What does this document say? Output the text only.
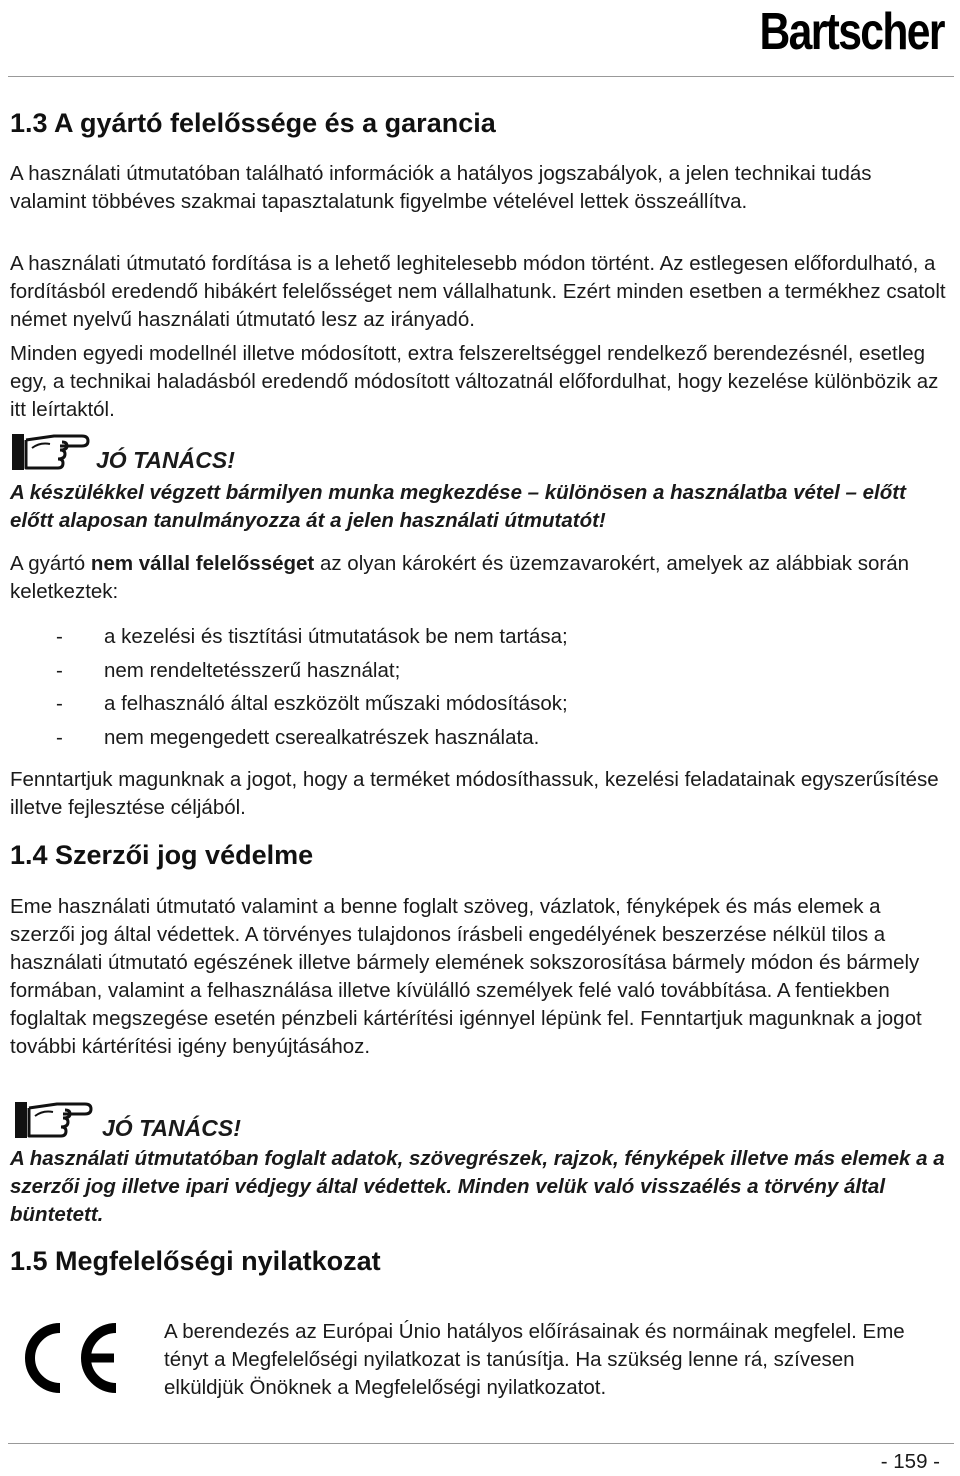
Bartscher
1.3 A gyártó felelőssége és a garancia

A használati útmutatóban található információk a hatályos jogszabályok, a jelen technikai tudás valamint többéves szakmai tapasztalatunk figyelmbe vételével lettek összeállítva.

A használati útmutató fordítása is a lehető leghitelesebb módon történt. Az estlegesen előfordulható, a fordításból eredendő hibákért felelősséget nem vállalhatunk. Ezért minden esetben a termékhez csatolt német nyelvű használati útmutató lesz az irányadó.

Minden egyedi modellnél illetve módosított, extra felszereltséggel rendelkező berendezésnél, esetleg egy, a technikai haladásból eredendő módosított változatnál előfordulhat, hogy kezelése különbözik az itt leírtaktól.

JÓ TANÁCS!

A készülékkel végzett bármilyen munka megkezdése – különösen a használatba vétel – előtt előtt alaposan tanulmányozza át a jelen használati útmutatót!

A gyártó nem vállal felelősséget az olyan károkért és üzemzavarokért, amelyek az alábbiak során keletkeztek:

-	a kezelési és tisztítási útmutatások be nem tartása;
-	nem rendeltetésszerű használat;
-	a felhasználó által eszközölt műszaki módosítások;
-	nem megengedett cserealkatrészek használata.

Fenntartjuk magunknak a jogot, hogy a terméket módosíthassuk, kezelési feladatainak egyszerűsítése illetve fejlesztése céljából.

1.4 Szerzői jog védelme

Eme használati útmutató valamint a benne foglalt szöveg, vázlatok, fényképek és más elemek a szerzői jog által védettek. A törvényes tulajdonos írásbeli engedélyének beszerzése nélkül tilos a használati útmutató egészének illetve bármely elemének sokszorosítása bármely módon és bármely formában, valamint a felhasználása illetve kívülálló személyek felé való továbbítása. A fentiekben foglaltak megszegése esetén pénzbeli kártérítési igénnyel lépünk fel. Fenntartjuk magunknak a jogot további kártérítési igény benyújtásához.

JÓ TANÁCS!

A használati útmutatóban foglalt adatok, szövegrészek, rajzok, fényképek illetve más elemek a a szerzői jog illetve ipari védjegy által védettek. Minden velük való visszaélés a törvény által büntetett.

1.5 Megfelelőségi nyilatkozat

A berendezés az Európai Únio hatályos előírásainak és normáinak megfelel. Eme tényt a Megfelelőségi nyilatkozat is tanúsítja. Ha szükség lenne rá, szívesen elküldjük Önöknek a Megfelelőségi nyilatkozatot.

- 159 -
